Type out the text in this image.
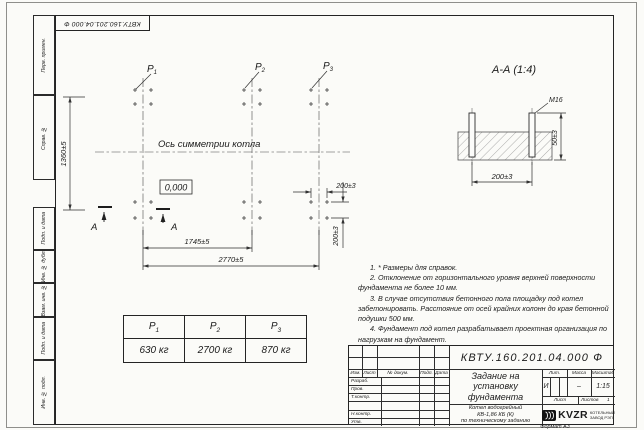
КВТУ.160.201.04.000 Ф
Перв. примен.
Справ. №
Подп. и дата
Инв. № дубл.
Взам. инв. №
Подп. и дата
Инв. № подл.
$P_1$	$P_2$	$P_3$
Ось симметрии котла
0,000
1360±5
1745±5
2770±5
200±3
200±3
А	А
А-А (1:4)
М16
50±3
200±3

1. * Размеры для справок.

2. Отклонение от горизонтального уровня верхней поверхности фундамента не более 10 мм.

3. В случае отсутствия бетонного пола площадку под котел забетонировать. Расстояние от осей крайних колонн до края бетонной подушки 500 мм.

4. Фундамент под котел разрабатывает проектная организация по нагрузкам на фундамент.

$P_1$	$P_2$	$P_3$
630 кг	2700 кг	870 кг
Изм. Лист	№ докум.	Подп. Дата
Разраб.
Пров.
Т.контр.
Н.контр.
Утв.
КВТУ.160.201.04.000 Ф
Задание на
установку
фундамента
Котел водогрейный
КВ-1,86 КБ (К)
по техническому заданию
Лит.	Масса	Масштаб
И	–	1:15
Лист	Листов 1
KVZR КОТЕЛЬНЫЙ
ЗАВОД РЭП
Формат А3
